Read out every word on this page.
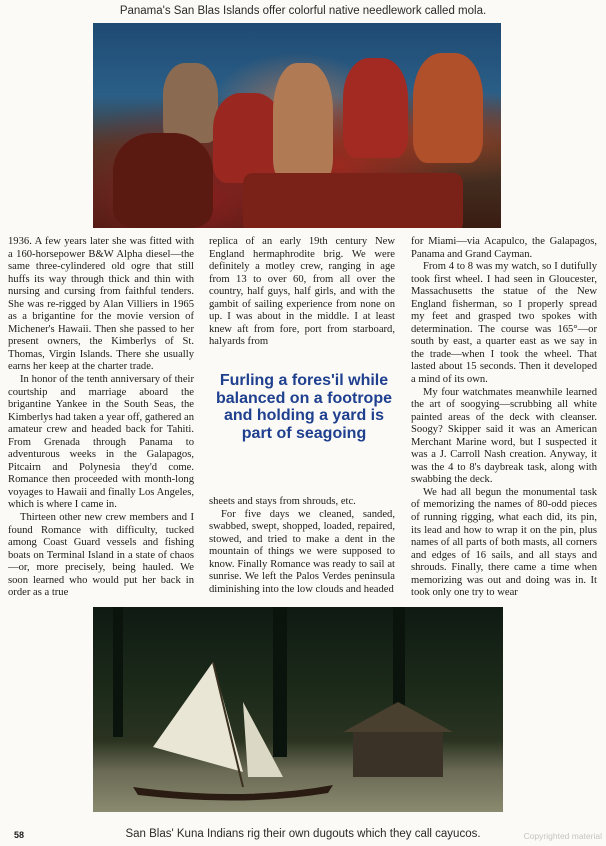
Panama's San Blas Islands offer colorful native needlework called mola.

1936. A few years later she was fitted with a 160-horsepower B&W Alpha diesel—the same three-cylindered old ogre that still huffs its way through thick and thin with nursing and cursing from faithful tenders. She was re-rigged by Alan Villiers in 1965 as a brigantine for the movie version of Michener's Hawaii. Then she passed to her present owners, the Kimberlys of St. Thomas, Virgin Islands. There she usually earns her keep at the charter trade.

In honor of the tenth anniversary of their courtship and marriage aboard the brigantine Yankee in the South Seas, the Kimberlys had taken a year off, gathered an amateur crew and headed back for Tahiti. From Grenada through Panama to adventurous weeks in the Galapagos, Pitcairn and Polynesia they'd come. Romance then proceeded with month-long voyages to Hawaii and finally Los Angeles, which is where I came in.

Thirteen other new crew members and I found Romance with difficulty, tucked among Coast Guard vessels and fishing boats on Terminal Island in a state of chaos—or, more precisely, being hauled. We soon learned who would put her back in order as a true

replica of an early 19th century New England hermaphrodite brig. We were definitely a motley crew, ranging in age from 13 to over 60, from all over the country, half guys, half girls, and with the gambit of sailing experience from none on up. I was about in the middle. I at least knew aft from fore, port from starboard, halyards from

Furling a fores'il while balanced on a footrope and holding a yard is part of seagoing

sheets and stays from shrouds, etc.

For five days we cleaned, sanded, swabbed, swept, shopped, loaded, repaired, stowed, and tried to make a dent in the mountain of things we were supposed to know. Finally Romance was ready to sail at sunrise. We left the Palos Verdes peninsula diminishing into the low clouds and headed

for Miami—via Acapulco, the Galapagos, Panama and Grand Cayman.

From 4 to 8 was my watch, so I dutifully took first wheel. I had seen in Gloucester, Massachusetts the statue of the New England fisherman, so I properly spread my feet and grasped two spokes with determination. The course was 165°—or south by east, a quarter east as we say in the trade—when I took the wheel. That lasted about 15 seconds. Then it developed a mind of its own.

My four watchmates meanwhile learned the art of soogying—scrubbing all white painted areas of the deck with cleanser. Soogy? Skipper said it was an American Merchant Marine word, but I suspected it was a J. Carroll Nash creation. Anyway, it was the 4 to 8's daybreak task, along with swabbing the deck.

We had all begun the monumental task of memorizing the names of 80-odd pieces of running rigging, what each did, its pin, its lead and how to wrap it on the pin, plus names of all parts of both masts, all corners and edges of 16 sails, and all stays and shrouds. Finally, there came a time when memorizing was out and doing was in. It took only one try to wear

58	San Blas' Kuna Indians rig their own dugouts which they call cayucos.	Copyrighted material
